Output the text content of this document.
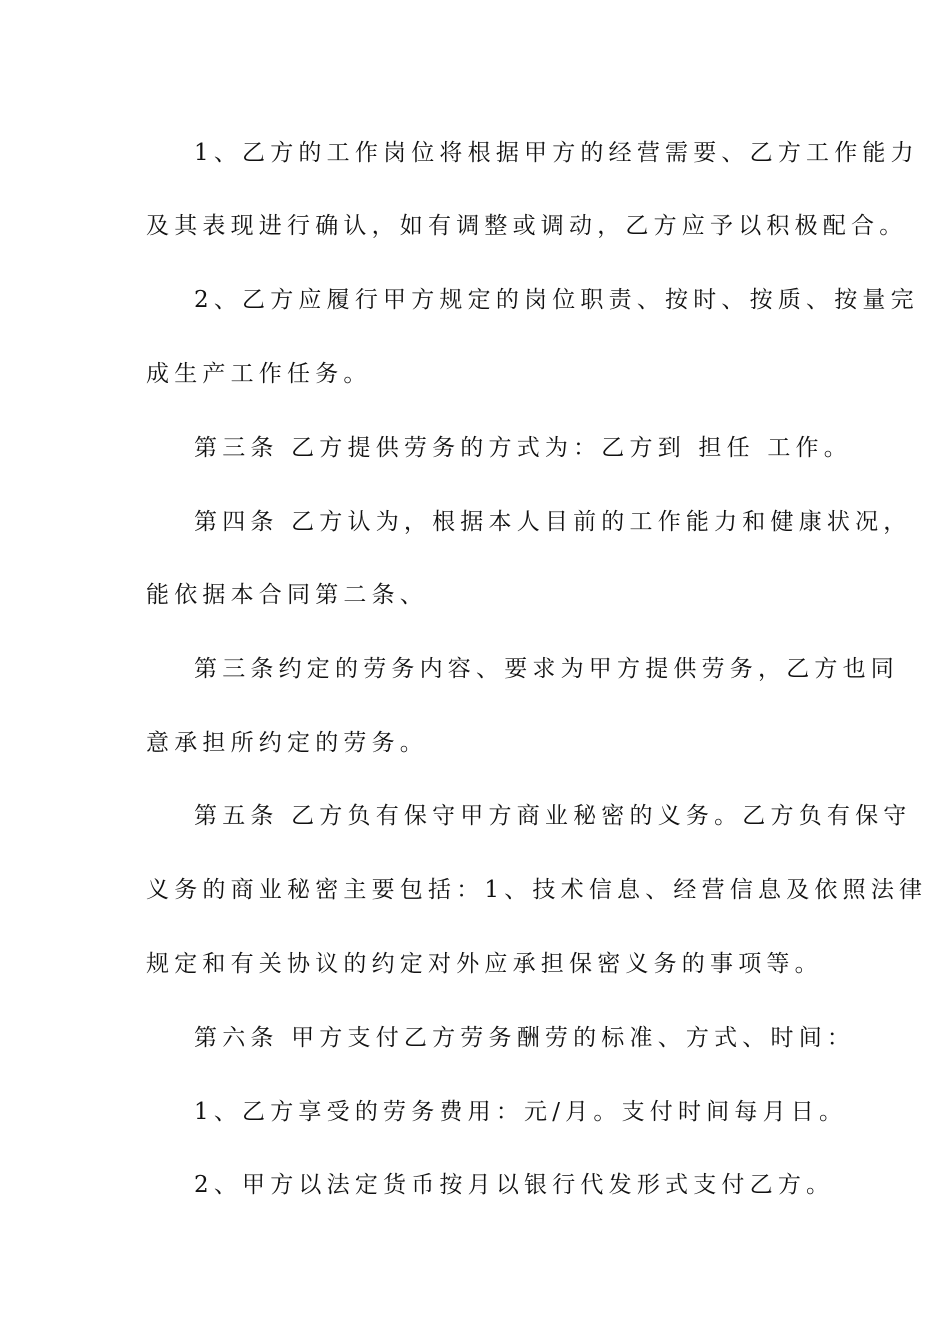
1、乙方的工作岗位将根据甲方的经营需要、乙方工作能力
及其表现进行确认，如有调整或调动，乙方应予以积极配合。
2、乙方应履行甲方规定的岗位职责、按时、按质、按量完
成生产工作任务。
第三条 乙方提供劳务的方式为：乙方到 担任 工作。
第四条 乙方认为，根据本人目前的工作能力和健康状况，
能依据本合同第二条、
第三条约定的劳务内容、要求为甲方提供劳务，乙方也同
意承担所约定的劳务。
第五条 乙方负有保守甲方商业秘密的义务。乙方负有保守
义务的商业秘密主要包括：1、技术信息、经营信息及依照法律
规定和有关协议的约定对外应承担保密义务的事项等。
第六条 甲方支付乙方劳务酬劳的标准、方式、时间：
1、乙方享受的劳务费用：元/月。支付时间每月日。
2、甲方以法定货币按月以银行代发形式支付乙方。
